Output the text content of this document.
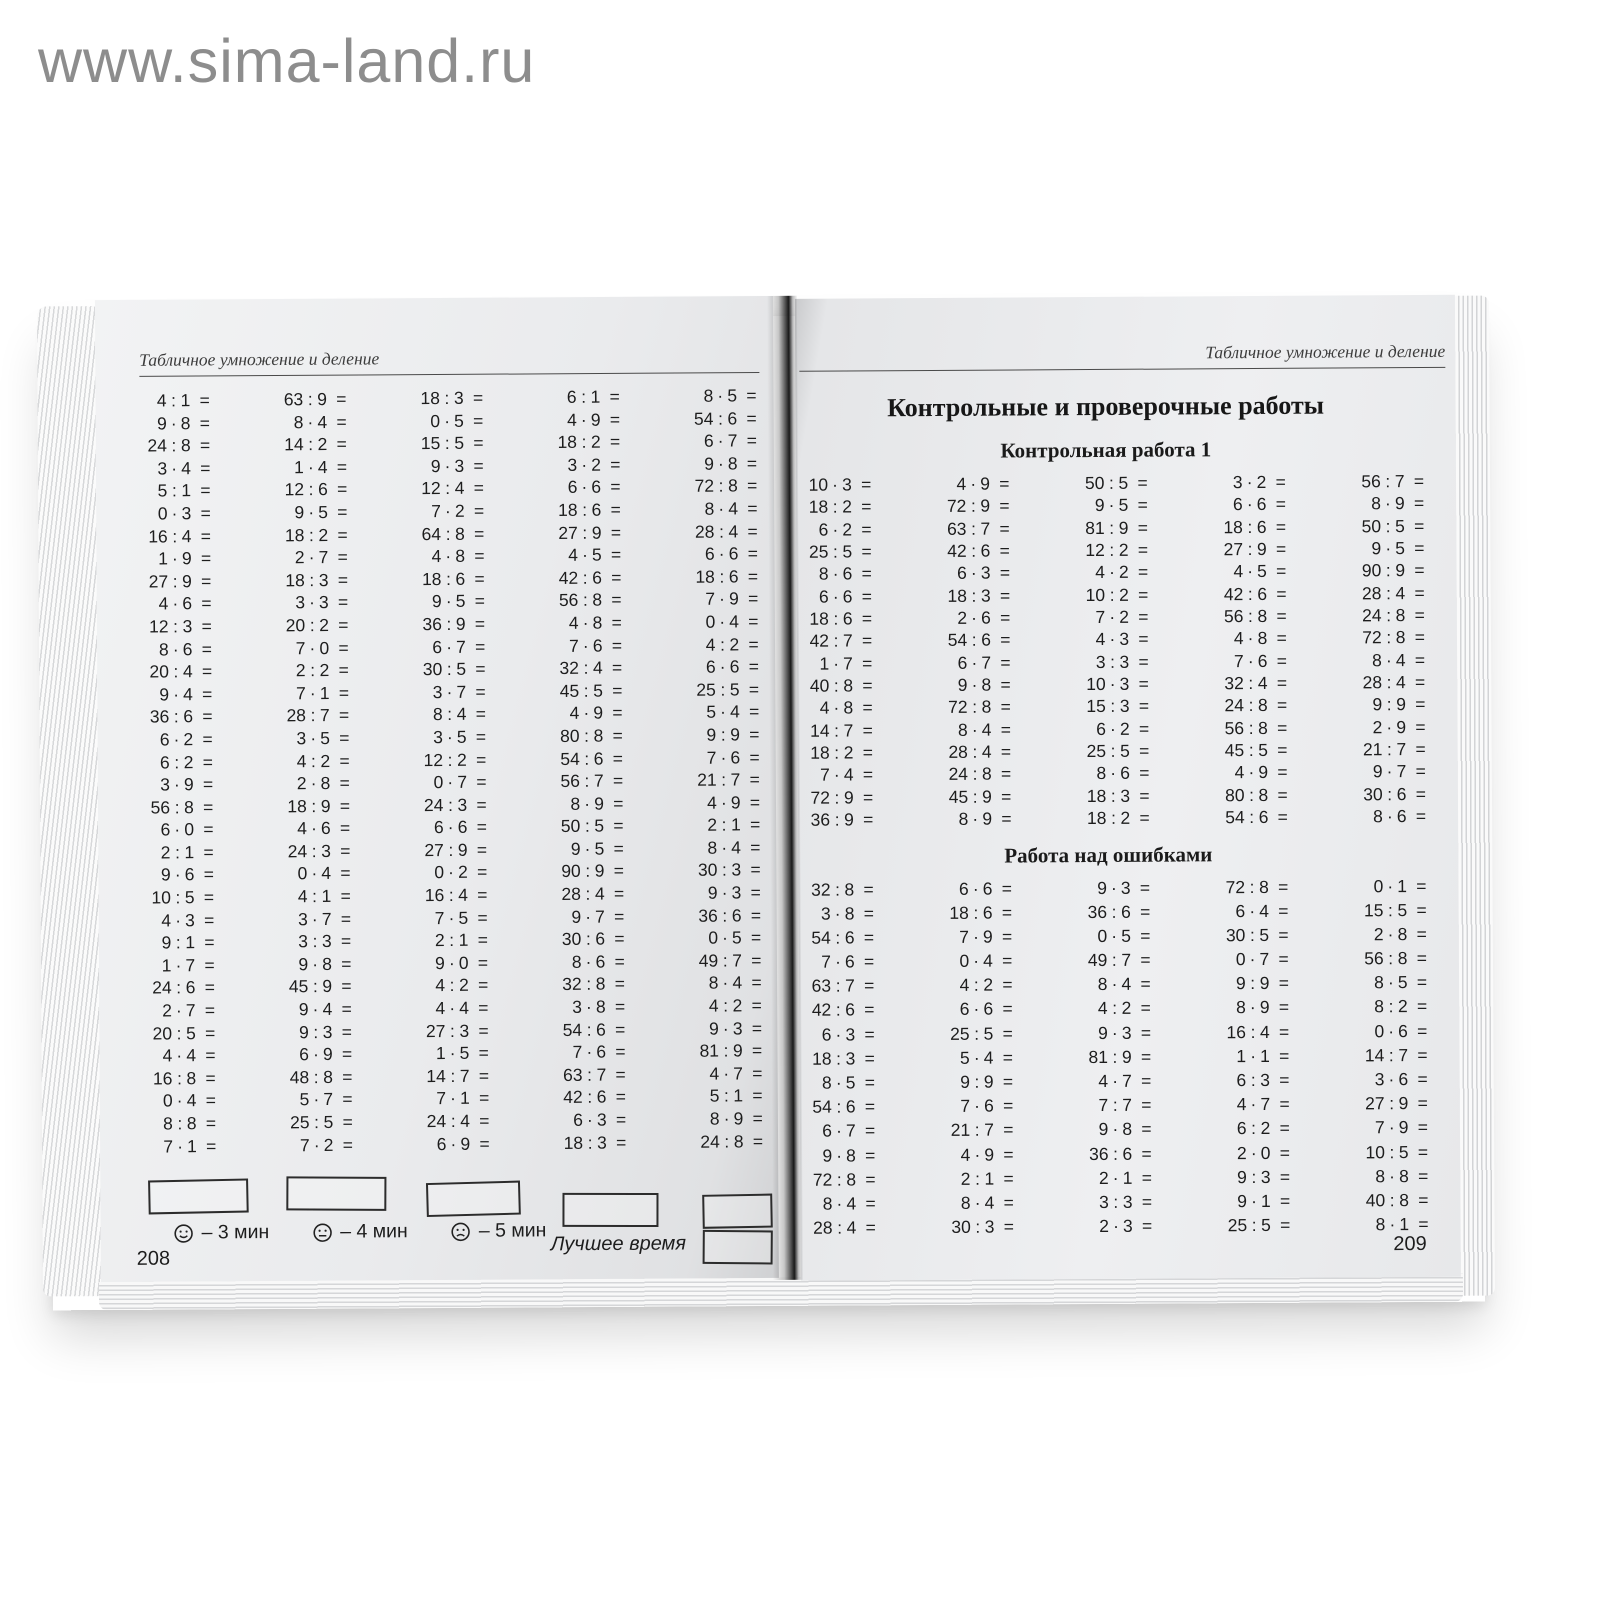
www.sima-land.ru
Табличное умножение и деление
4 : 1 =
9 · 8 =
24 : 8 =
3 · 4 =
5 : 1 =
0 · 3 =
16 : 4 =
1 · 9 =
27 : 9 =
4 · 6 =
12 : 3 =
8 · 6 =
20 : 4 =
9 · 4 =
36 : 6 =
6 · 2 =
6 : 2 =
3 · 9 =
56 : 8 =
6 · 0 =
2 : 1 =
9 · 6 =
10 : 5 =
4 · 3 =
9 : 1 =
1 · 7 =
24 : 6 =
2 · 7 =
20 : 5 =
4 · 4 =
16 : 8 =
0 · 4 =
8 : 8 =
7 · 1 =
63 : 9 =
8 · 4 =
14 : 2 =
1 · 4 =
12 : 6 =
9 · 5 =
18 : 2 =
2 · 7 =
18 : 3 =
3 · 3 =
20 : 2 =
7 · 0 =
2 : 2 =
7 · 1 =
28 : 7 =
3 · 5 =
4 : 2 =
2 · 8 =
18 : 9 =
4 · 6 =
24 : 3 =
0 · 4 =
4 : 1 =
3 · 7 =
3 : 3 =
9 · 8 =
45 : 9 =
9 · 4 =
9 : 3 =
6 · 9 =
48 : 8 =
5 · 7 =
25 : 5 =
7 · 2 =
18 : 3 =
0 · 5 =
15 : 5 =
9 · 3 =
12 : 4 =
7 · 2 =
64 : 8 =
4 · 8 =
18 : 6 =
9 · 5 =
36 : 9 =
6 · 7 =
30 : 5 =
3 · 7 =
8 : 4 =
3 · 5 =
12 : 2 =
0 · 7 =
24 : 3 =
6 · 6 =
27 : 9 =
0 · 2 =
16 : 4 =
7 · 5 =
2 : 1 =
9 · 0 =
4 : 2 =
4 · 4 =
27 : 3 =
1 · 5 =
14 : 7 =
7 · 1 =
24 : 4 =
6 · 9 =
6 : 1 =
4 · 9 =
18 : 2 =
3 · 2 =
6 · 6 =
18 : 6 =
27 : 9 =
4 · 5 =
42 : 6 =
56 : 8 =
4 · 8 =
7 · 6 =
32 : 4 =
45 : 5 =
4 · 9 =
80 : 8 =
54 : 6 =
56 : 7 =
8 · 9 =
50 : 5 =
9 · 5 =
90 : 9 =
28 : 4 =
9 · 7 =
30 : 6 =
8 · 6 =
32 : 8 =
3 · 8 =
54 : 6 =
7 · 6 =
63 : 7 =
42 : 6 =
6 · 3 =
18 : 3 =
8 · 5 =
54 : 6 =
6 · 7 =
9 · 8 =
72 : 8 =
8 · 4 =
28 : 4 =
6 · 6 =
18 : 6 =
7 · 9 =
0 · 4 =
4 : 2 =
6 · 6 =
25 : 5 =
5 · 4 =
9 : 9 =
7 · 6 =
21 : 7 =
4 · 9 =
2 : 1 =
8 · 4 =
30 : 3 =
9 · 3 =
36 : 6 =
0 · 5 =
49 : 7 =
8 · 4 =
4 : 2 =
9 · 3 =
81 : 9 =
4 · 7 =
5 : 1 =
8 · 9 =
24 : 8 =
– 3 мин	– 4 мин	– 5 мин
Лучшее время
208
Табличное умножение и деление
Контрольные и проверочные работы
Контрольная работа 1
10 · 3 =
18 : 2 =
6 · 2 =
25 : 5 =
8 · 6 =
6 · 6 =
18 : 6 =
42 : 7 =
1 · 7 =
40 : 8 =
4 · 8 =
14 : 7 =
18 : 2 =
7 · 4 =
72 : 9 =
36 : 9 =
4 · 9 =
72 : 9 =
63 : 7 =
42 : 6 =
6 · 3 =
18 : 3 =
2 · 6 =
54 : 6 =
6 · 7 =
9 · 8 =
72 : 8 =
8 · 4 =
28 : 4 =
24 : 8 =
45 : 9 =
8 · 9 =
50 : 5 =
9 · 5 =
81 : 9 =
12 : 2 =
4 · 2 =
10 : 2 =
7 · 2 =
4 · 3 =
3 : 3 =
10 · 3 =
15 : 3 =
6 · 2 =
25 : 5 =
8 · 6 =
18 : 3 =
18 : 2 =
3 · 2 =
6 · 6 =
18 : 6 =
27 : 9 =
4 · 5 =
42 : 6 =
56 : 8 =
4 · 8 =
7 · 6 =
32 : 4 =
24 : 8 =
56 : 8 =
45 : 5 =
4 · 9 =
80 : 8 =
54 : 6 =
56 : 7 =
8 · 9 =
50 : 5 =
9 · 5 =
90 : 9 =
28 : 4 =
24 : 8 =
72 : 8 =
8 · 4 =
28 : 4 =
9 : 9 =
2 · 9 =
21 : 7 =
9 · 7 =
30 : 6 =
8 · 6 =
Работа над ошибками
32 : 8 =
3 · 8 =
54 : 6 =
7 · 6 =
63 : 7 =
42 : 6 =
6 · 3 =
18 : 3 =
8 · 5 =
54 : 6 =
6 · 7 =
9 · 8 =
72 : 8 =
8 · 4 =
28 : 4 =
6 · 6 =
18 : 6 =
7 · 9 =
0 · 4 =
4 : 2 =
6 · 6 =
25 : 5 =
5 · 4 =
9 : 9 =
7 · 6 =
21 : 7 =
4 · 9 =
2 : 1 =
8 · 4 =
30 : 3 =
9 · 3 =
36 : 6 =
0 · 5 =
49 : 7 =
8 · 4 =
4 : 2 =
9 · 3 =
81 : 9 =
4 · 7 =
7 : 7 =
9 · 8 =
36 : 6 =
2 · 1 =
3 : 3 =
2 · 3 =
72 : 8 =
6 · 4 =
30 : 5 =
0 · 7 =
9 : 9 =
8 · 9 =
16 : 4 =
1 · 1 =
6 : 3 =
4 · 7 =
6 : 2 =
2 · 0 =
9 : 3 =
9 · 1 =
25 : 5 =
0 · 1 =
15 : 5 =
2 · 8 =
56 : 8 =
8 · 5 =
8 : 2 =
0 · 6 =
14 : 7 =
3 · 6 =
27 : 9 =
7 · 9 =
10 : 5 =
8 · 8 =
40 : 8 =
8 · 1 =
209
